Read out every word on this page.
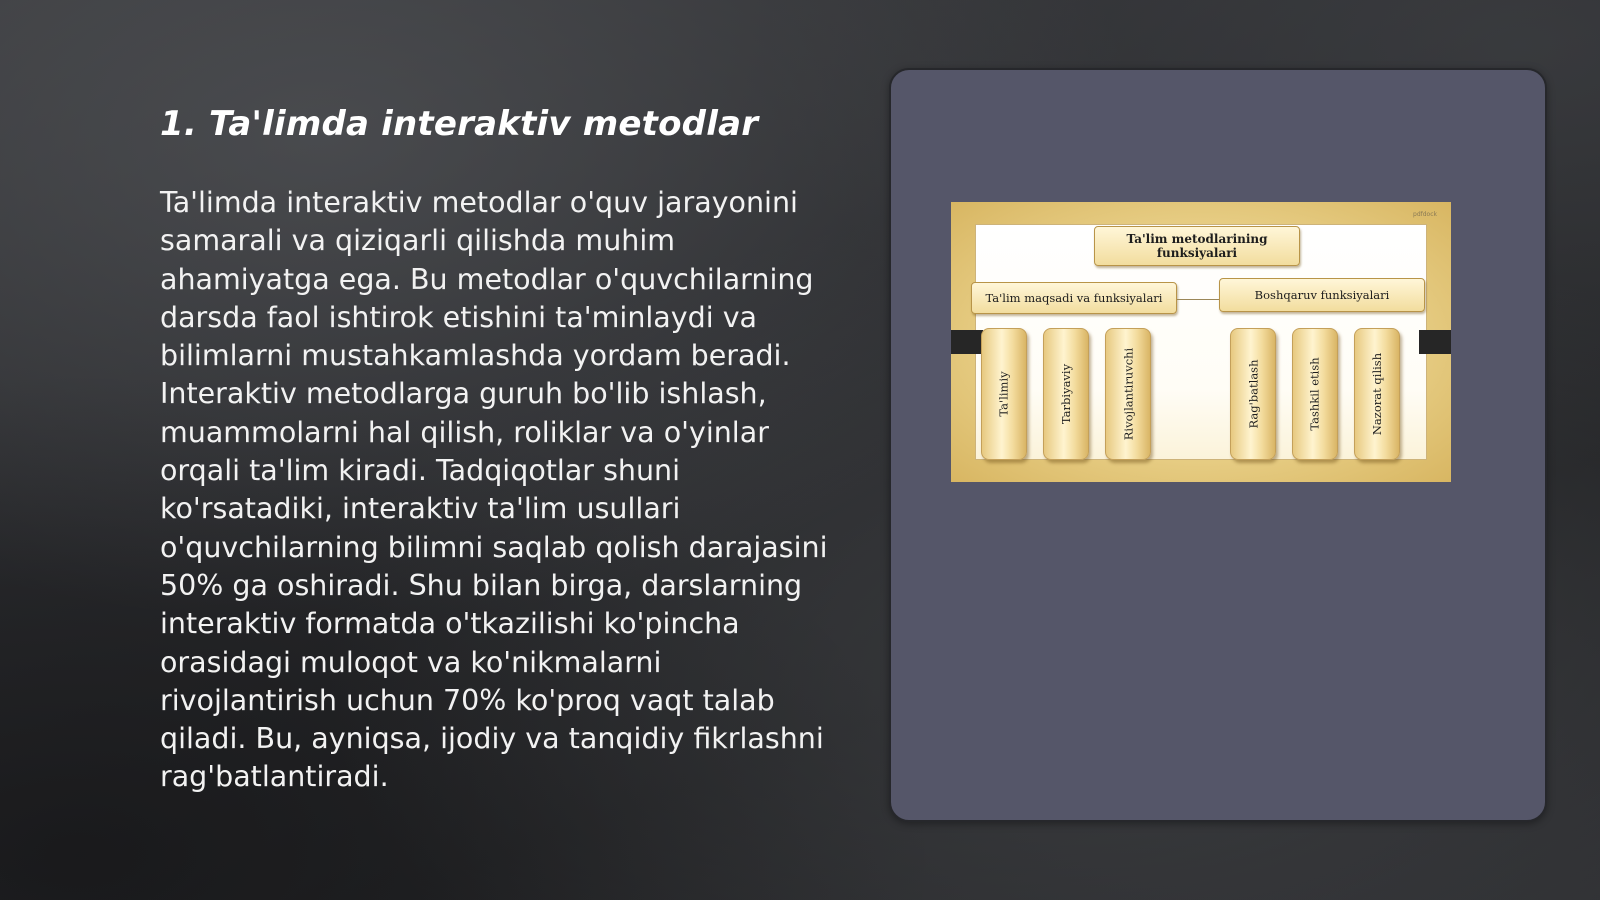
1. Ta'limda interaktiv metodlar

Ta'limda interaktiv metodlar o'quv jarayonini samarali va qiziqarli qilishda muhim ahamiyatga ega. Bu metodlar o'quvchilarning darsda faol ishtirok etishini ta'minlaydi va bilimlarni mustahkamlashda yordam beradi. Interaktiv metodlarga guruh bo'lib ishlash, muammolarni hal qilish, roliklar va o'yinlar orqali ta'lim kiradi. Tadqiqotlar shuni ko'rsatadiki, interaktiv ta'lim usullari o'quvchilarning bilimni saqlab qolish darajasini 50% ga oshiradi. Shu bilan birga, darslarning interaktiv formatda o'tkazilishi ko'pincha orasidagi muloqot va ko'nikmalarni rivojlantirish uchun 70% ko'proq vaqt talab qiladi. Bu, ayniqsa, ijodiy va tanqidiy fikrlashni rag'batlantiradi.

pdfdock
Ta'lim metodlarining funksiyalari
Ta'lim maqsadi va funksiyalari	Boshqaruv funksiyalari
Ta'limiy	Tarbiyaviy	Rivojlantiruvchi	Rag'batlash	Tashkil etish	Nazorat qilish
